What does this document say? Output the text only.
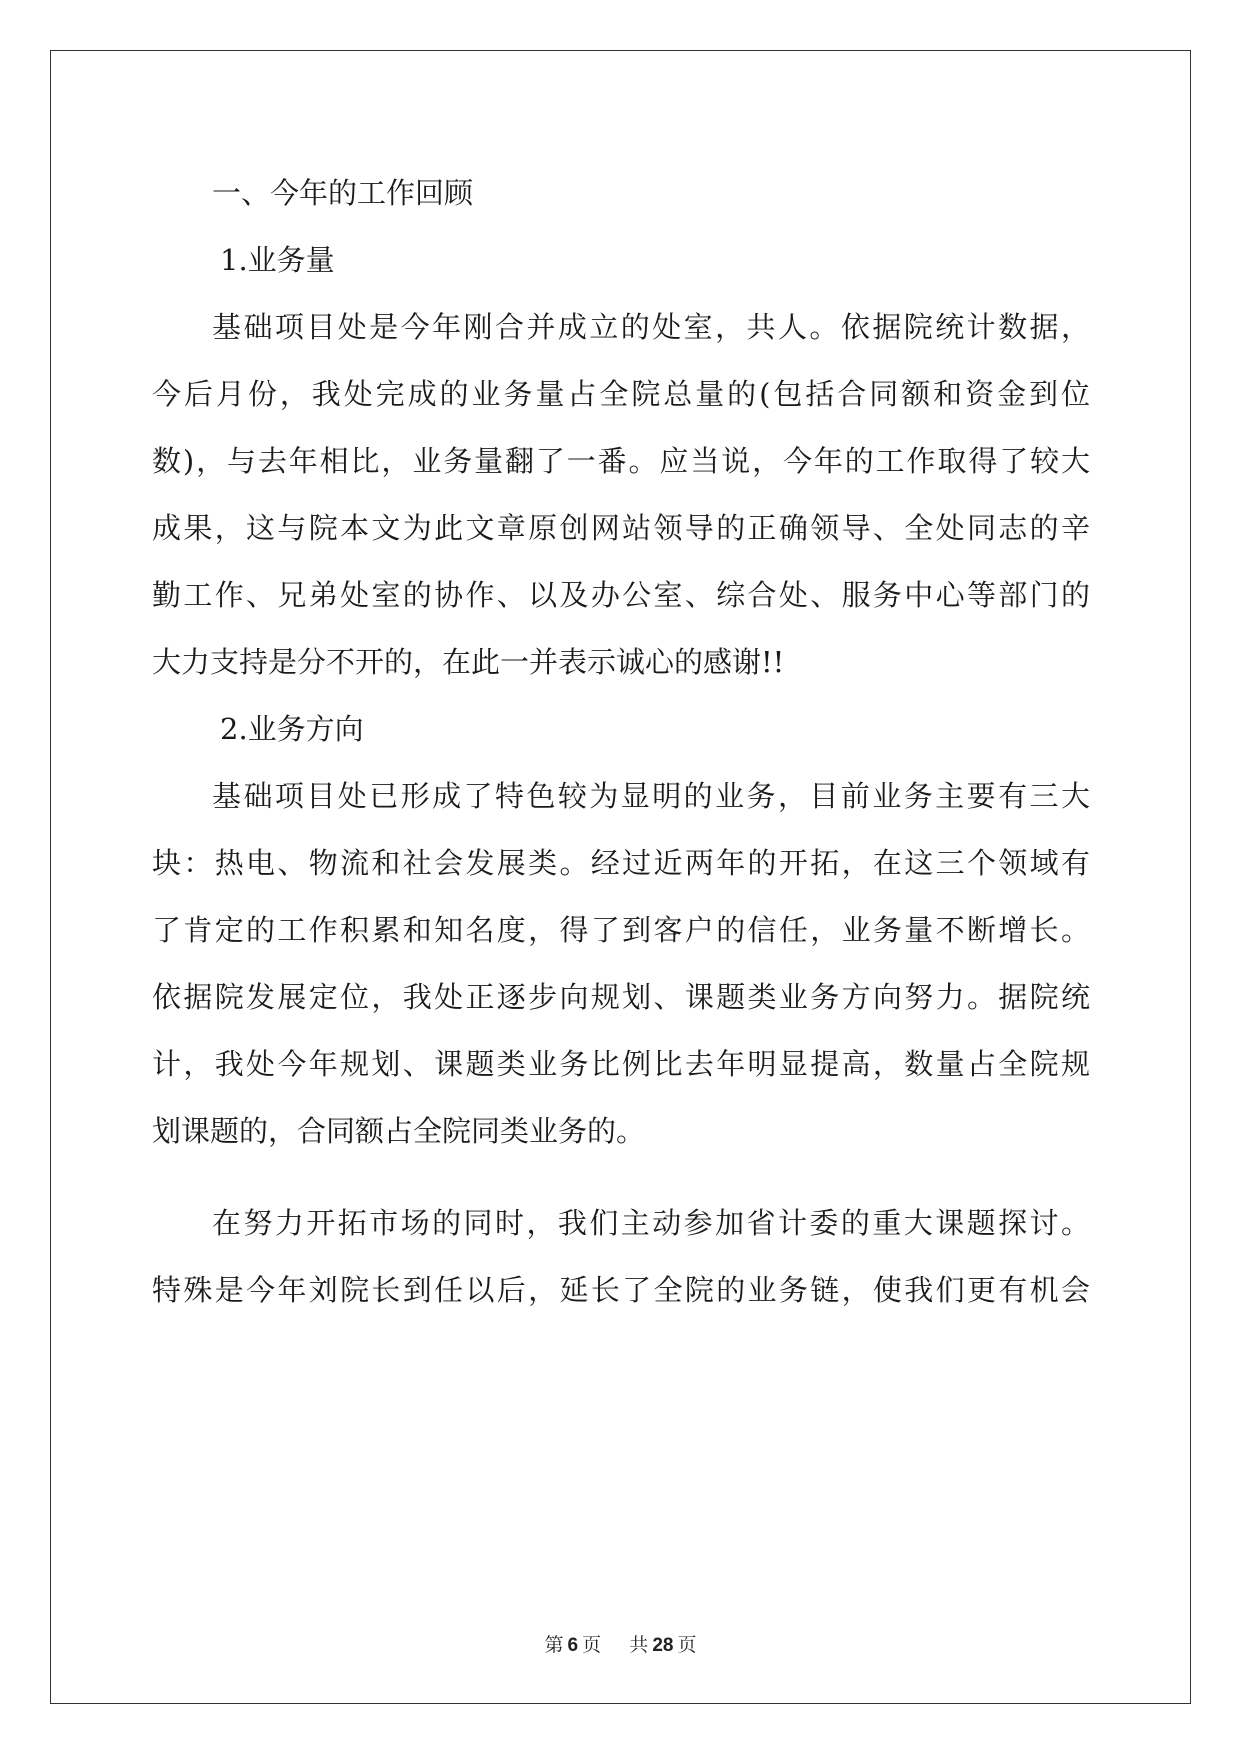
一、今年的工作回顾
1.业务量
基础项目处是今年刚合并成立的处室，共人。依据院统计数据，
今后月份，我处完成的业务量占全院总量的(包括合同额和资金到位
数)，与去年相比，业务量翻了一番。应当说，今年的工作取得了较大
成果，这与院本文为此文章原创网站领导的正确领导、全处同志的辛
勤工作、兄弟处室的协作、以及办公室、综合处、服务中心等部门的
大力支持是分不开的，在此一并表示诚心的感谢!!
2.业务方向
基础项目处已形成了特色较为显明的业务，目前业务主要有三大
块：热电、物流和社会发展类。经过近两年的开拓，在这三个领域有
了肯定的工作积累和知名度，得了到客户的信任，业务量不断增长。
依据院发展定位，我处正逐步向规划、课题类业务方向努力。据院统
计，我处今年规划、课题类业务比例比去年明显提高，数量占全院规
划课题的，合同额占全院同类业务的。
在努力开拓市场的同时，我们主动参加省计委的重大课题探讨。
特殊是今年刘院长到任以后，延长了全院的业务链，使我们更有机会
第 6 页 共 28 页
